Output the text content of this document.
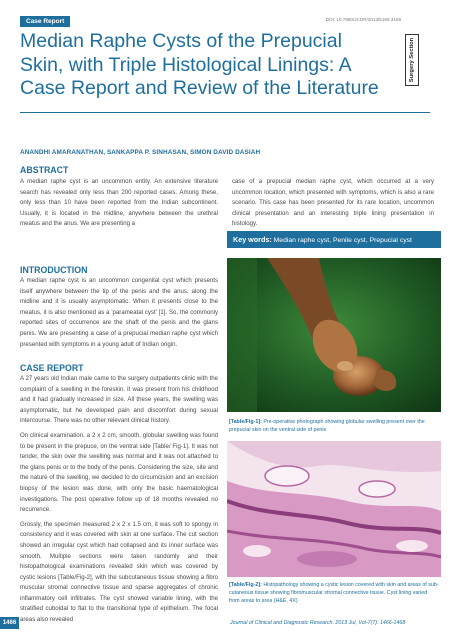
Case Report	DOI: 10.7860/JCDR/2013/5168.3159
Surgery Section
Median Raphe Cysts of the Prepucial Skin, with Triple Histological Linings: A Case Report and Review of the Literature
ANANDHI AMARANATHAN, SANKAPPA P. SINHASAN, SIMON DAVID DASIAH
ABSTRACT
A median raphe cyst is an uncommon entity. An extensive literature search has revealed only less than 200 reported cases. Among these, only less than 10 have been reported from the Indian subcontinent. Usually, it is located in the midline, anywhere between the urethral meatus and the anus. We are presenting a
case of a prepucial median raphe cyst, which occurred at a very uncommon location, which presented with symptoms, which is also a rare scenario. This case has been presented for its rare location, uncommon clinical presentation and an interesting triple lining presentation in histology.
Key words: Median raphe cyst, Penile cyst, Prepucial cyst
INTRODUCTION
A median raphe cyst is an uncommon congenital cyst which presents itself anywhere between the tip of the penis and the anus, along the midline and it is usually asymptomatic. When it presents close to the meatus, it is also mentioned as a 'parameatal cyst' [1]. So, the commonly reported sites of occurrence are the shaft of the penis and the glans penis. We are presenting a case of a prepucial median raphe cyst which presented with symptoms in a young adult of Indian origin.
CASE REPORT

A 27 years old Indian male came to the surgery outpatients clinic with the complaint of a swelling in the foreskin. It was present from his childhood and it had gradually increased in size. All these years, the swelling was asymptomatic, but he developed pain and discomfort during sexual intercourse. There was no other relevant clinical history.

On clinical examination, a 2 x 2 cm, smooth, globular swelling was found to be present in the prepuce, on the ventral side [Table/ Fig-1]. It was not tender, the skin over the swelling was normal and it was not attached to the glans penis or to the body of the penis. Considering the size, site and the nature of the swelling, we decided to do circumcision and an excision biopsy of the lesion was done, with only the basic haematological investigations. The post operative follow up of 18 months revealed no recurrence.

Grossly, the specimen measured 2 x 2 x 1.5 cm, it was soft to spongy in consistency and it was covered with skin at one surface. The cut section showed an irregular cyst which had collapsed and its inner surface was smooth. Multiple sections were taken randomly and their histopathological examinations revealed skin which was covered by cystic lesions [Table/Fig-2], with the subcutaneous tissue showing a fibro muscular stromal connective tissue and sparse aggregates of chronic inflammatory cell infiltrates. The cyst showed variable lining, with the stratified cuboidal to flat to the transitional type of epithelium. The focal areas also revealed

[Table/Fig-1]: Pre-operative photograph showing globular swelling present over the prepucial skin on the ventral side of penis
[Table/Fig-2]: Histopathology showing a cystic lesion covered with skin and areas of sub-cutaneous tissue showing fibromuscular stromal connective tissue. Cyst lining varied from areas to area (H&E, 4X)
1466	Journal of Clinical and Diagnostic Research. 2013 Jul, Vol-7(7): 1466-1468
